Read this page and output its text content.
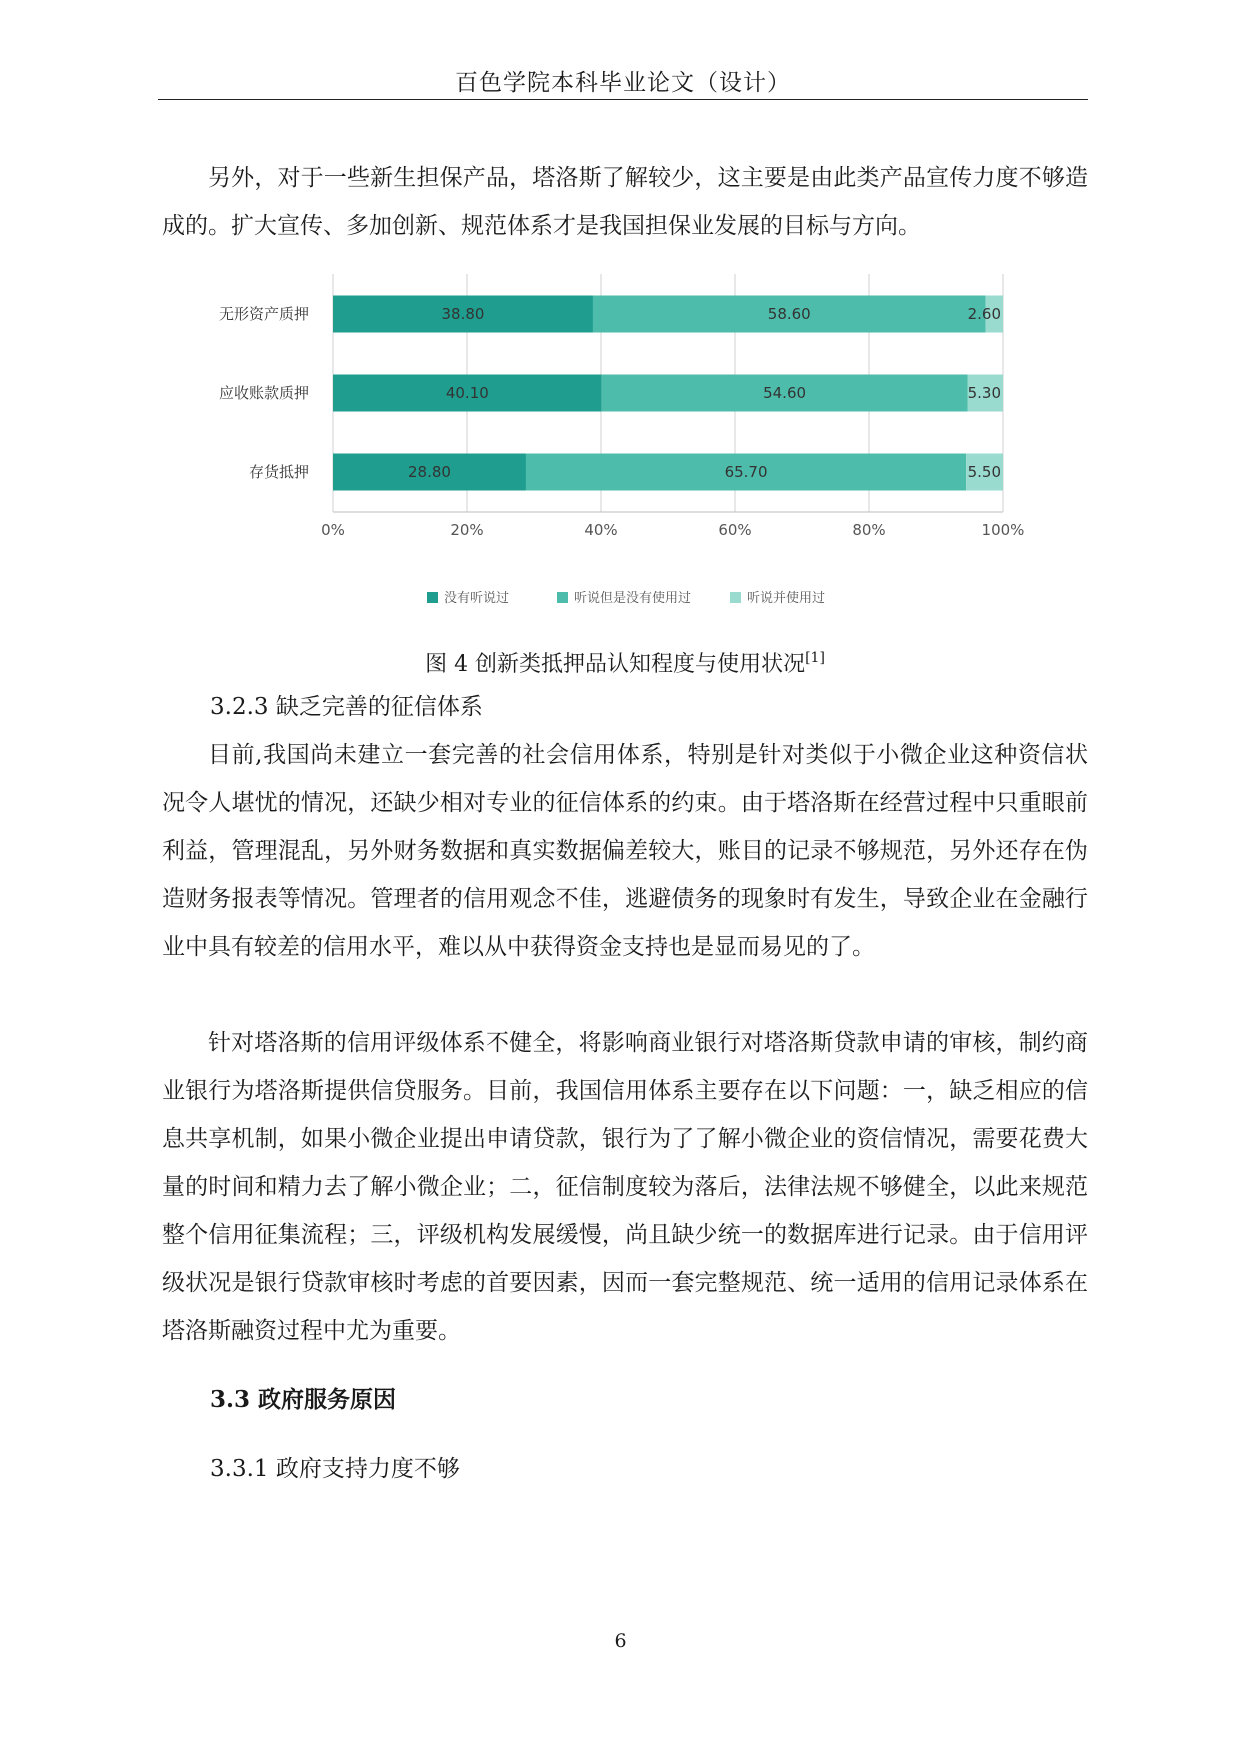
百色学院本科毕业论文（设计）

另外，对于一些新生担保产品，塔洛斯了解较少，这主要是由此类产品宣传力度不够造成的。扩大宣传、多加创新、规范体系才是我国担保业发展的目标与方向。

0%	20%	40%	60%	80%	100%
无形资产质押	38.80	58.60	2.60
应收账款质押	40.10	54.60	5.30
存货抵押	28.80	65.70	5.50
没有听说过	听说但是没有使用过	听说并使用过
图 4 创新类抵押品认知程度与使用状况[1]

3.2.3 缺乏完善的征信体系

目前,我国尚未建立一套完善的社会信用体系，特别是针对类似于小微企业这种资信状况令人堪忧的情况，还缺少相对专业的征信体系的约束。由于塔洛斯在经营过程中只重眼前利益，管理混乱，另外财务数据和真实数据偏差较大，账目的记录不够规范，另外还存在伪造财务报表等情况。管理者的信用观念不佳，逃避债务的现象时有发生，导致企业在金融行业中具有较差的信用水平，难以从中获得资金支持也是显而易见的了。

针对塔洛斯的信用评级体系不健全，将影响商业银行对塔洛斯贷款申请的审核，制约商业银行为塔洛斯提供信贷服务。目前，我国信用体系主要存在以下问题：一，缺乏相应的信息共享机制，如果小微企业提出申请贷款，银行为了了解小微企业的资信情况，需要花费大量的时间和精力去了解小微企业；二，征信制度较为落后，法律法规不够健全，以此来规范整个信用征集流程；三，评级机构发展缓慢，尚且缺少统一的数据库进行记录。由于信用评级状况是银行贷款审核时考虑的首要因素，因而一套完整规范、统一适用的信用记录体系在塔洛斯融资过程中尤为重要。

3.3 政府服务原因

3.3.1 政府支持力度不够

6
